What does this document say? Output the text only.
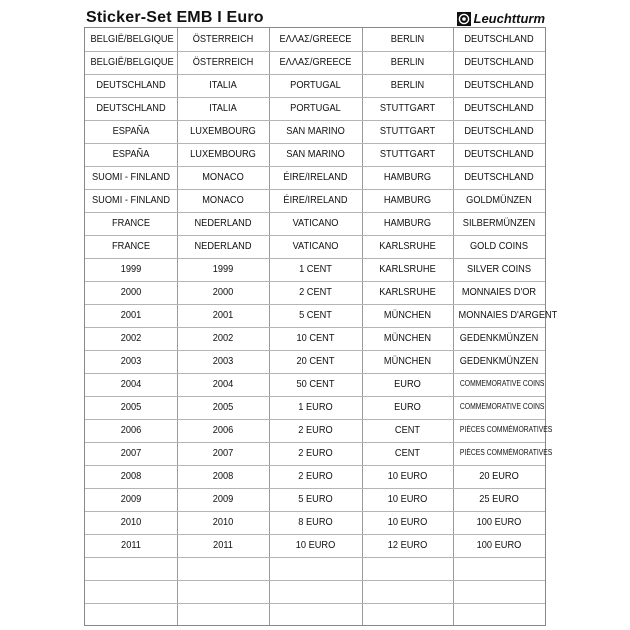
Sticker-Set EMB I Euro	Leuchtturm
BELGIË/BELGIQUE	ÖSTERREICH	ΕΛΛΑΣ/GREECE	BERLIN	DEUTSCHLAND
BELGIË/BELGIQUE	ÖSTERREICH	ΕΛΛΑΣ/GREECE	BERLIN	DEUTSCHLAND
DEUTSCHLAND	ITALIA	PORTUGAL	BERLIN	DEUTSCHLAND
DEUTSCHLAND	ITALIA	PORTUGAL	STUTTGART	DEUTSCHLAND
ESPAÑA	LUXEMBOURG	SAN MARINO	STUTTGART	DEUTSCHLAND
ESPAÑA	LUXEMBOURG	SAN MARINO	STUTTGART	DEUTSCHLAND
SUOMI - FINLAND	MONACO	ÉIRE/IRELAND	HAMBURG	DEUTSCHLAND
SUOMI - FINLAND	MONACO	ÉIRE/IRELAND	HAMBURG	GOLDMÜNZEN
FRANCE	NEDERLAND	VATICANO	HAMBURG	SILBERMÜNZEN
FRANCE	NEDERLAND	VATICANO	KARLSRUHE	GOLD COINS
1999	1999	1 CENT	KARLSRUHE	SILVER COINS
2000	2000	2 CENT	KARLSRUHE	MONNAIES D'OR
2001	2001	5 CENT	MÜNCHEN	MONNAIES D'ARGENT
2002	2002	10 CENT	MÜNCHEN	GEDENKMÜNZEN
2003	2003	20 CENT	MÜNCHEN	GEDENKMÜNZEN
2004	2004	50 CENT	EURO	COMMEMORATIVE COINS
2005	2005	1 EURO	EURO	COMMEMORATIVE COINS
2006	2006	2 EURO	CENT	PIÈCES COMMÉMORATIVES
2007	2007	2 EURO	CENT	PIÈCES COMMÉMORATIVES
2008	2008	2 EURO	10 EURO	20 EURO
2009	2009	5 EURO	10 EURO	25 EURO
2010	2010	8 EURO	10 EURO	100 EURO
2011	2011	10 EURO	12 EURO	100 EURO
